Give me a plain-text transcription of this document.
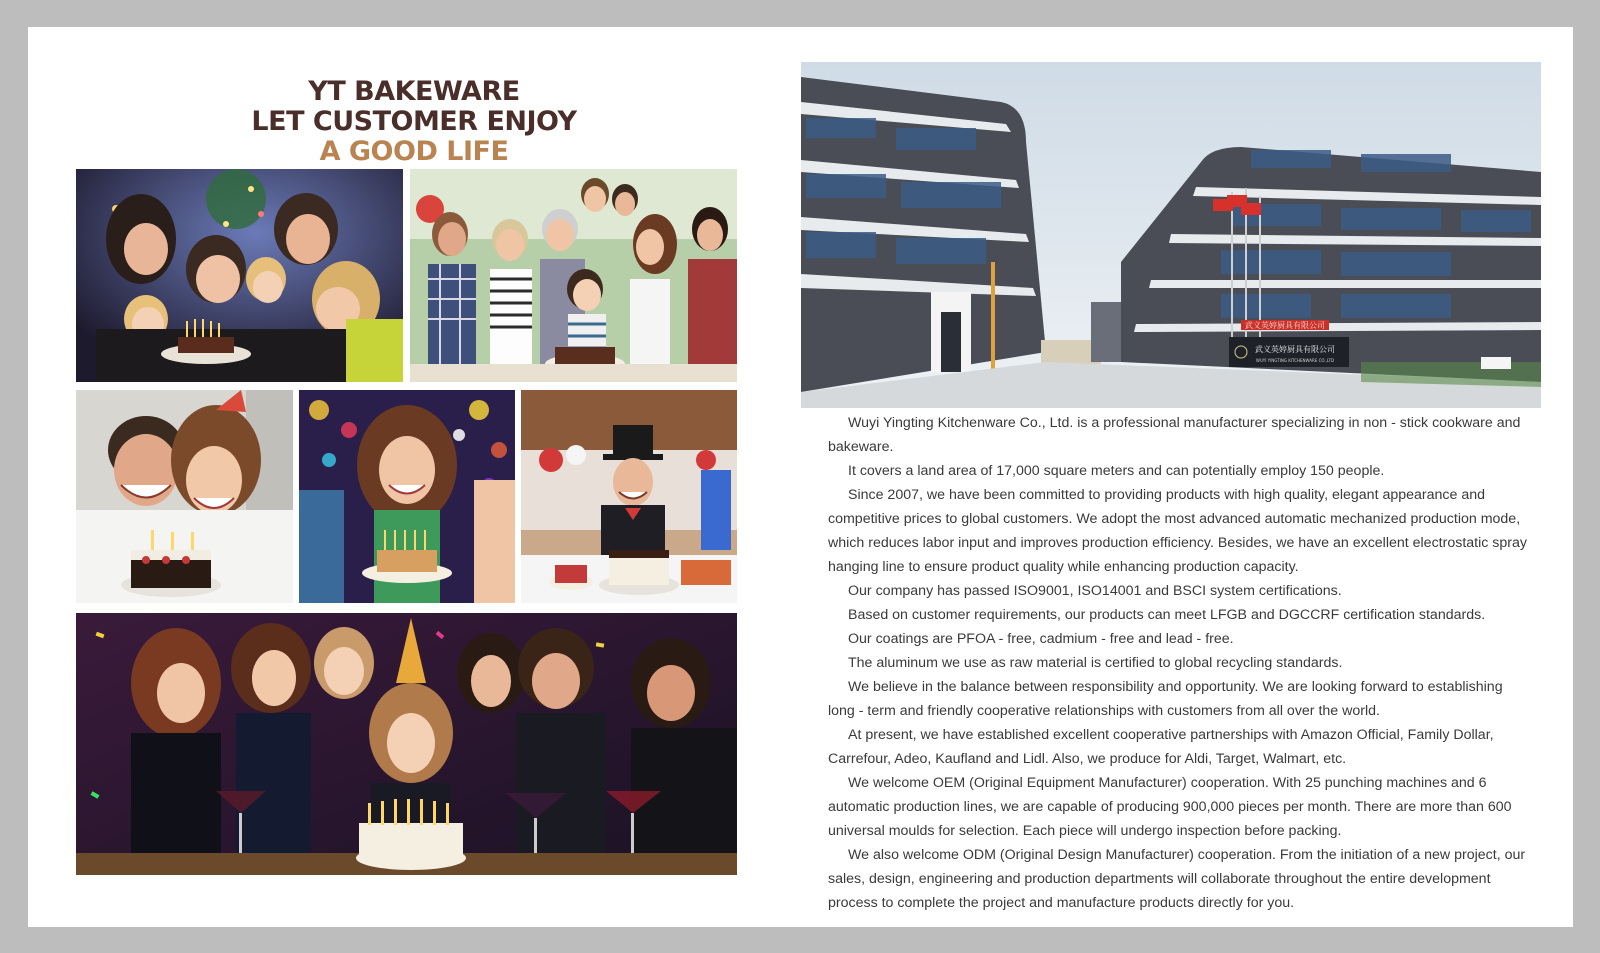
YT BAKEWARE
LET CUSTOMER ENJOY
A GOOD LIFE
武义英婷厨具有限公司
武义英婷厨具有限公司
WUYI YINGTING KITCHENWARE CO.,LTD

Wuyi Yingting Kitchenware Co., Ltd. is a professional manufacturer specializing in non - stick cookware and bakeware.

It covers a land area of 17,000 square meters and can potentially employ 150 people.

Since 2007, we have been committed to providing products with high quality, elegant appearance and competitive prices to global customers. We adopt the most advanced automatic mechanized production mode, which reduces labor input and improves production efficiency. Besides, we have an excellent electrostatic spray hanging line to ensure product quality while enhancing production capacity.

Our company has passed ISO9001, ISO14001 and BSCI system certifications.

Based on customer requirements, our products can meet LFGB and DGCCRF certification standards.

Our coatings are PFOA - free, cadmium - free and lead - free.

The aluminum we use as raw material is certified to global recycling standards.

We believe in the balance between responsibility and opportunity. We are looking forward to establishing long - term and friendly cooperative relationships with customers from all over the world.

At present, we have established excellent cooperative partnerships with Amazon Official, Family Dollar, Carrefour, Adeo, Kaufland and Lidl. Also, we produce for Aldi, Target, Walmart, etc.

We welcome OEM (Original Equipment Manufacturer) cooperation. With 25 punching machines and 6 automatic production lines, we are capable of producing 900,000 pieces per month. There are more than 600 universal moulds for selection. Each piece will undergo inspection before packing.

We also welcome ODM (Original Design Manufacturer) cooperation. From the initiation of a new project, our sales, design, engineering and production departments will collaborate throughout the entire development process to complete the project and manufacture products directly for you.
